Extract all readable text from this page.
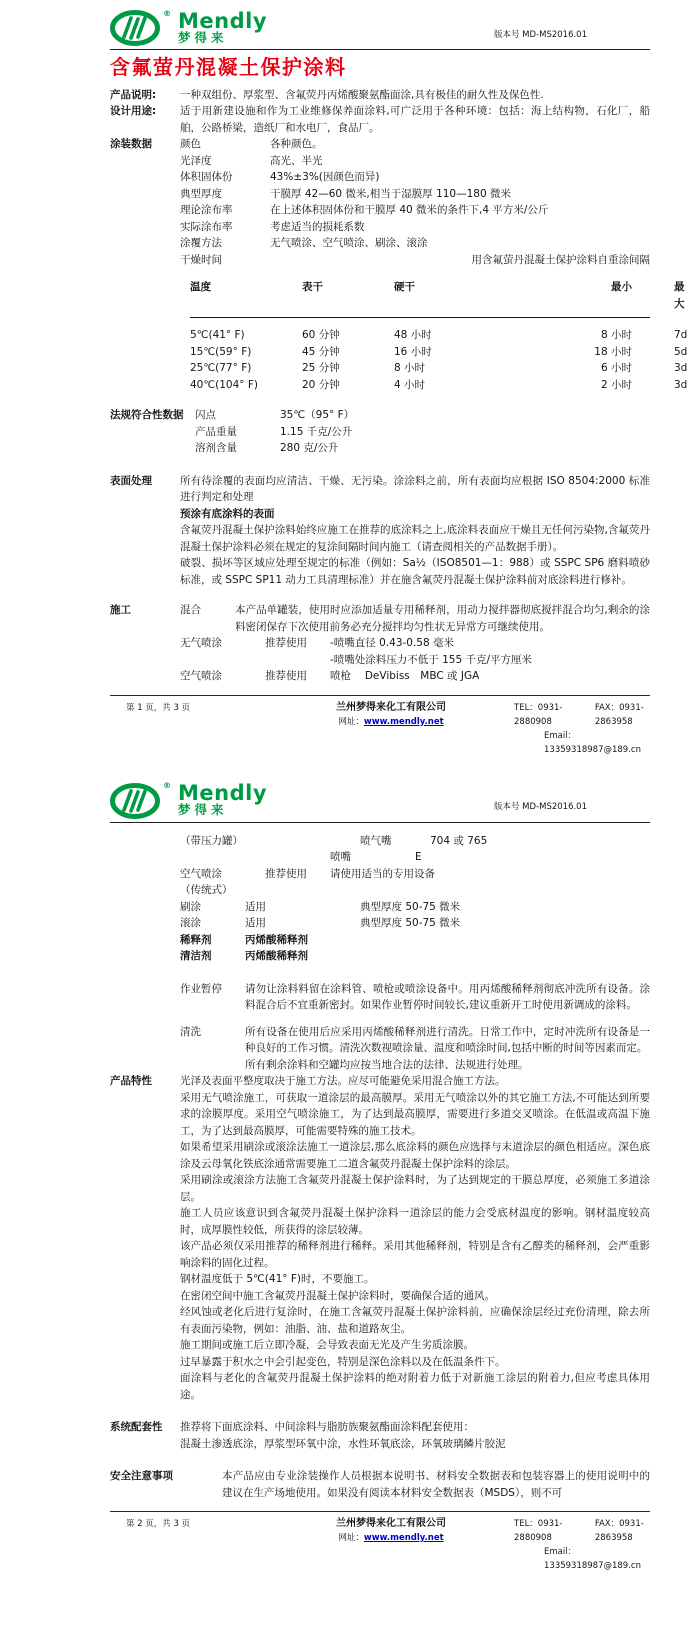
® Mendly
梦得来	版本号 MD-MS2016.01
含氟萤丹混凝土保护涂料
产品说明:	一种双组份、厚浆型、含氟荧丹丙烯酸聚氨酯面涂,具有极佳的耐久性及保色性.
设计用途:	适于用新建设施和作为工业维修保养面涂料,可广泛用于各种环境：包括：海上结构物，石化厂，船舶，公路桥梁，造纸厂和水电厂，食品厂。
涂装数据	颜色	各种颜色。
光泽度	高光、半光
体积固体份	43%±3%(因颜色而异)
典型厚度	干膜厚 42—60 微米,相当于湿膜厚 110—180 微米
理论涂布率	在上述体积固体份和干膜厚 40 微米的条件下,4 平方米/公斤
实际涂布率	考虑适当的损耗系数
涂覆方法	无气喷涂、空气喷涂、刷涂、滚涂
干燥时间	用含氟萤丹混凝土保护涂料自重涂间隔
温度	表干	硬干	最小	最大
5℃(41° F)	60 分钟	48 小时	8 小时	7d
15℃(59° F)	45 分钟	16 小时	18 小时	5d
25℃(77° F)	25 分钟	8 小时	6 小时	3d
40℃(104° F)	20 分钟	4 小时	2 小时	3d
法规符合性数据	闪点	35℃（95° F）
产品重量	1.15 千克/公升
溶剂含量	280 克/公升
表面处理	所有待涂覆的表面均应清洁、干燥、无污染。涂涂料之前，所有表面均应根据 ISO 8504:2000 标准进行判定和处理

预涂有底涂料的表面

含氟荧丹混凝土保护涂料始终应施工在推荐的底涂料之上,底涂料表面应干燥且无任何污染物,含氟荧丹混凝土保护涂料必须在规定的复涂间隔时间内施工（请查阅相关的产品数据手册）。

破裂、损坏等区域应处理至规定的标准（例如：Sa½（ISO8501—1：988）或 SSPC SP6 磨料喷砂标准，或 SSPC SP11 动力工具清理标准）并在施含氟荧丹混凝土保护涂料前对底涂料进行修补。

施工	混合	本产品单罐装，使用时应添加适量专用稀释剂，用动力搅拌器彻底搅拌混合均匀,剩余的涂料密闭保存下次使用前务必充分搅拌均匀性状无异常方可继续使用。
无气喷涂	推荐使用	-喷嘴直径 0.43-0.58 毫米
-喷嘴处涂料压力不低于 155 千克/平方厘米
空气喷涂	推荐使用	喷枪　 DeVibiss　MBC 或 JGA
第 1 页，共 3 页	兰州梦得来化工有限公司
网址：www.mendly.net
TEL：0931-2880908
FAX：0931-2863958
Email：13359318987@189.cn
® Mendly
梦得来	版本号 MD-MS2016.01
（带压力罐）	喷气嘴	704 或 765
喷嘴	E
空气喷涂	推荐使用	请使用适当的专用设备
（传统式）
刷涂	适用	典型厚度 50-75 微米
滚涂	适用	典型厚度 50-75 微米
稀释剂	丙烯酸稀释剂
清洁剂	丙烯酸稀释剂
作业暂停	请勿让涂料料留在涂料管、喷枪或喷涂设备中。用丙烯酸稀释剂彻底冲洗所有设备。涂料混合后不宜重新密封。如果作业暂停时间较长,建议重新开工时使用新调成的涂料。
清洗	所有设备在使用后应采用丙烯酸稀释剂进行清洗。日常工作中，定时冲洗所有设备是一种良好的工作习惯。清洗次数视喷涂量、温度和喷涂时间,包括中断的时间等因素而定。

所有剩余涂料和空罐均应按当地合法的法律、法规进行处理。

产品特性	光泽及表面平整度取决于施工方法。应尽可能避免采用混合施工方法。

采用无气喷涂施工，可获取一道涂层的最高膜厚。采用无气喷涂以外的其它施工方法,不可能达到所要求的涂膜厚度。采用空气喷涂施工，为了达到最高膜厚，需要进行多道交叉喷涂。在低温或高温下施工，为了达到最高膜厚，可能需要特殊的施工技术。

如果希望采用刷涂或滚涂法施工一道涂层,那么底涂料的颜色应选择与末道涂层的颜色相适应。深色底涂及云母氧化铁底涂通常需要施工二道含氟荧丹混凝土保护涂料的涂层。

采用刷涂或滚涂方法施工含氟荧丹混凝土保护涂料时，为了达到规定的干膜总厚度，必须施工多道涂层。

施工人员应该意识到含氟荧丹混凝土保护涂料一道涂层的能力会受底材温度的影响。钢材温度较高时，成厚膜性较低，所获得的涂层较薄。

该产品必须仅采用推荐的稀释剂进行稀释。采用其他稀释剂，特别是含有乙醇类的稀释剂，会严重影响涂料的固化过程。

钢材温度低于 5℃(41° F)时，不要施工。

在密闭空间中施工含氟荧丹混凝土保护涂料时，要确保合适的通风。

经风蚀或老化后进行复涂时，在施工含氟荧丹混凝土保护涂料前，应确保涂层经过充份清理，除去所有表面污染物，例如：油脂、油、盐和道路灰尘。

施工期间或施工后立即冷凝，会导致表面无光及产生劣质涂膜。

过早暴露于积水之中会引起变色，特别是深色涂料以及在低温条件下。

面涂料与老化的含氟荧丹混凝土保护涂料的绝对附着力低于对新施工涂层的附着力,但应考虑具体用途。

系统配套性	推荐将下面底涂料、中间涂料与脂肪族聚氨酯面涂料配套使用：

混凝土渗透底涂，厚浆型环氧中涂，水性环氧底涂，环氧玻璃鳞片胶泥

安全注意事项	本产品应由专业涂装操作人员根据本说明书、材料安全数据表和包装容器上的使用说明中的建议在生产场地使用。如果没有阅读本材料安全数据表（MSDS），则不可
第 2 页，共 3 页	兰州梦得来化工有限公司
网址：www.mendly.net
TEL：0931-2880908
FAX：0931-2863958
Email：13359318987@189.cn
